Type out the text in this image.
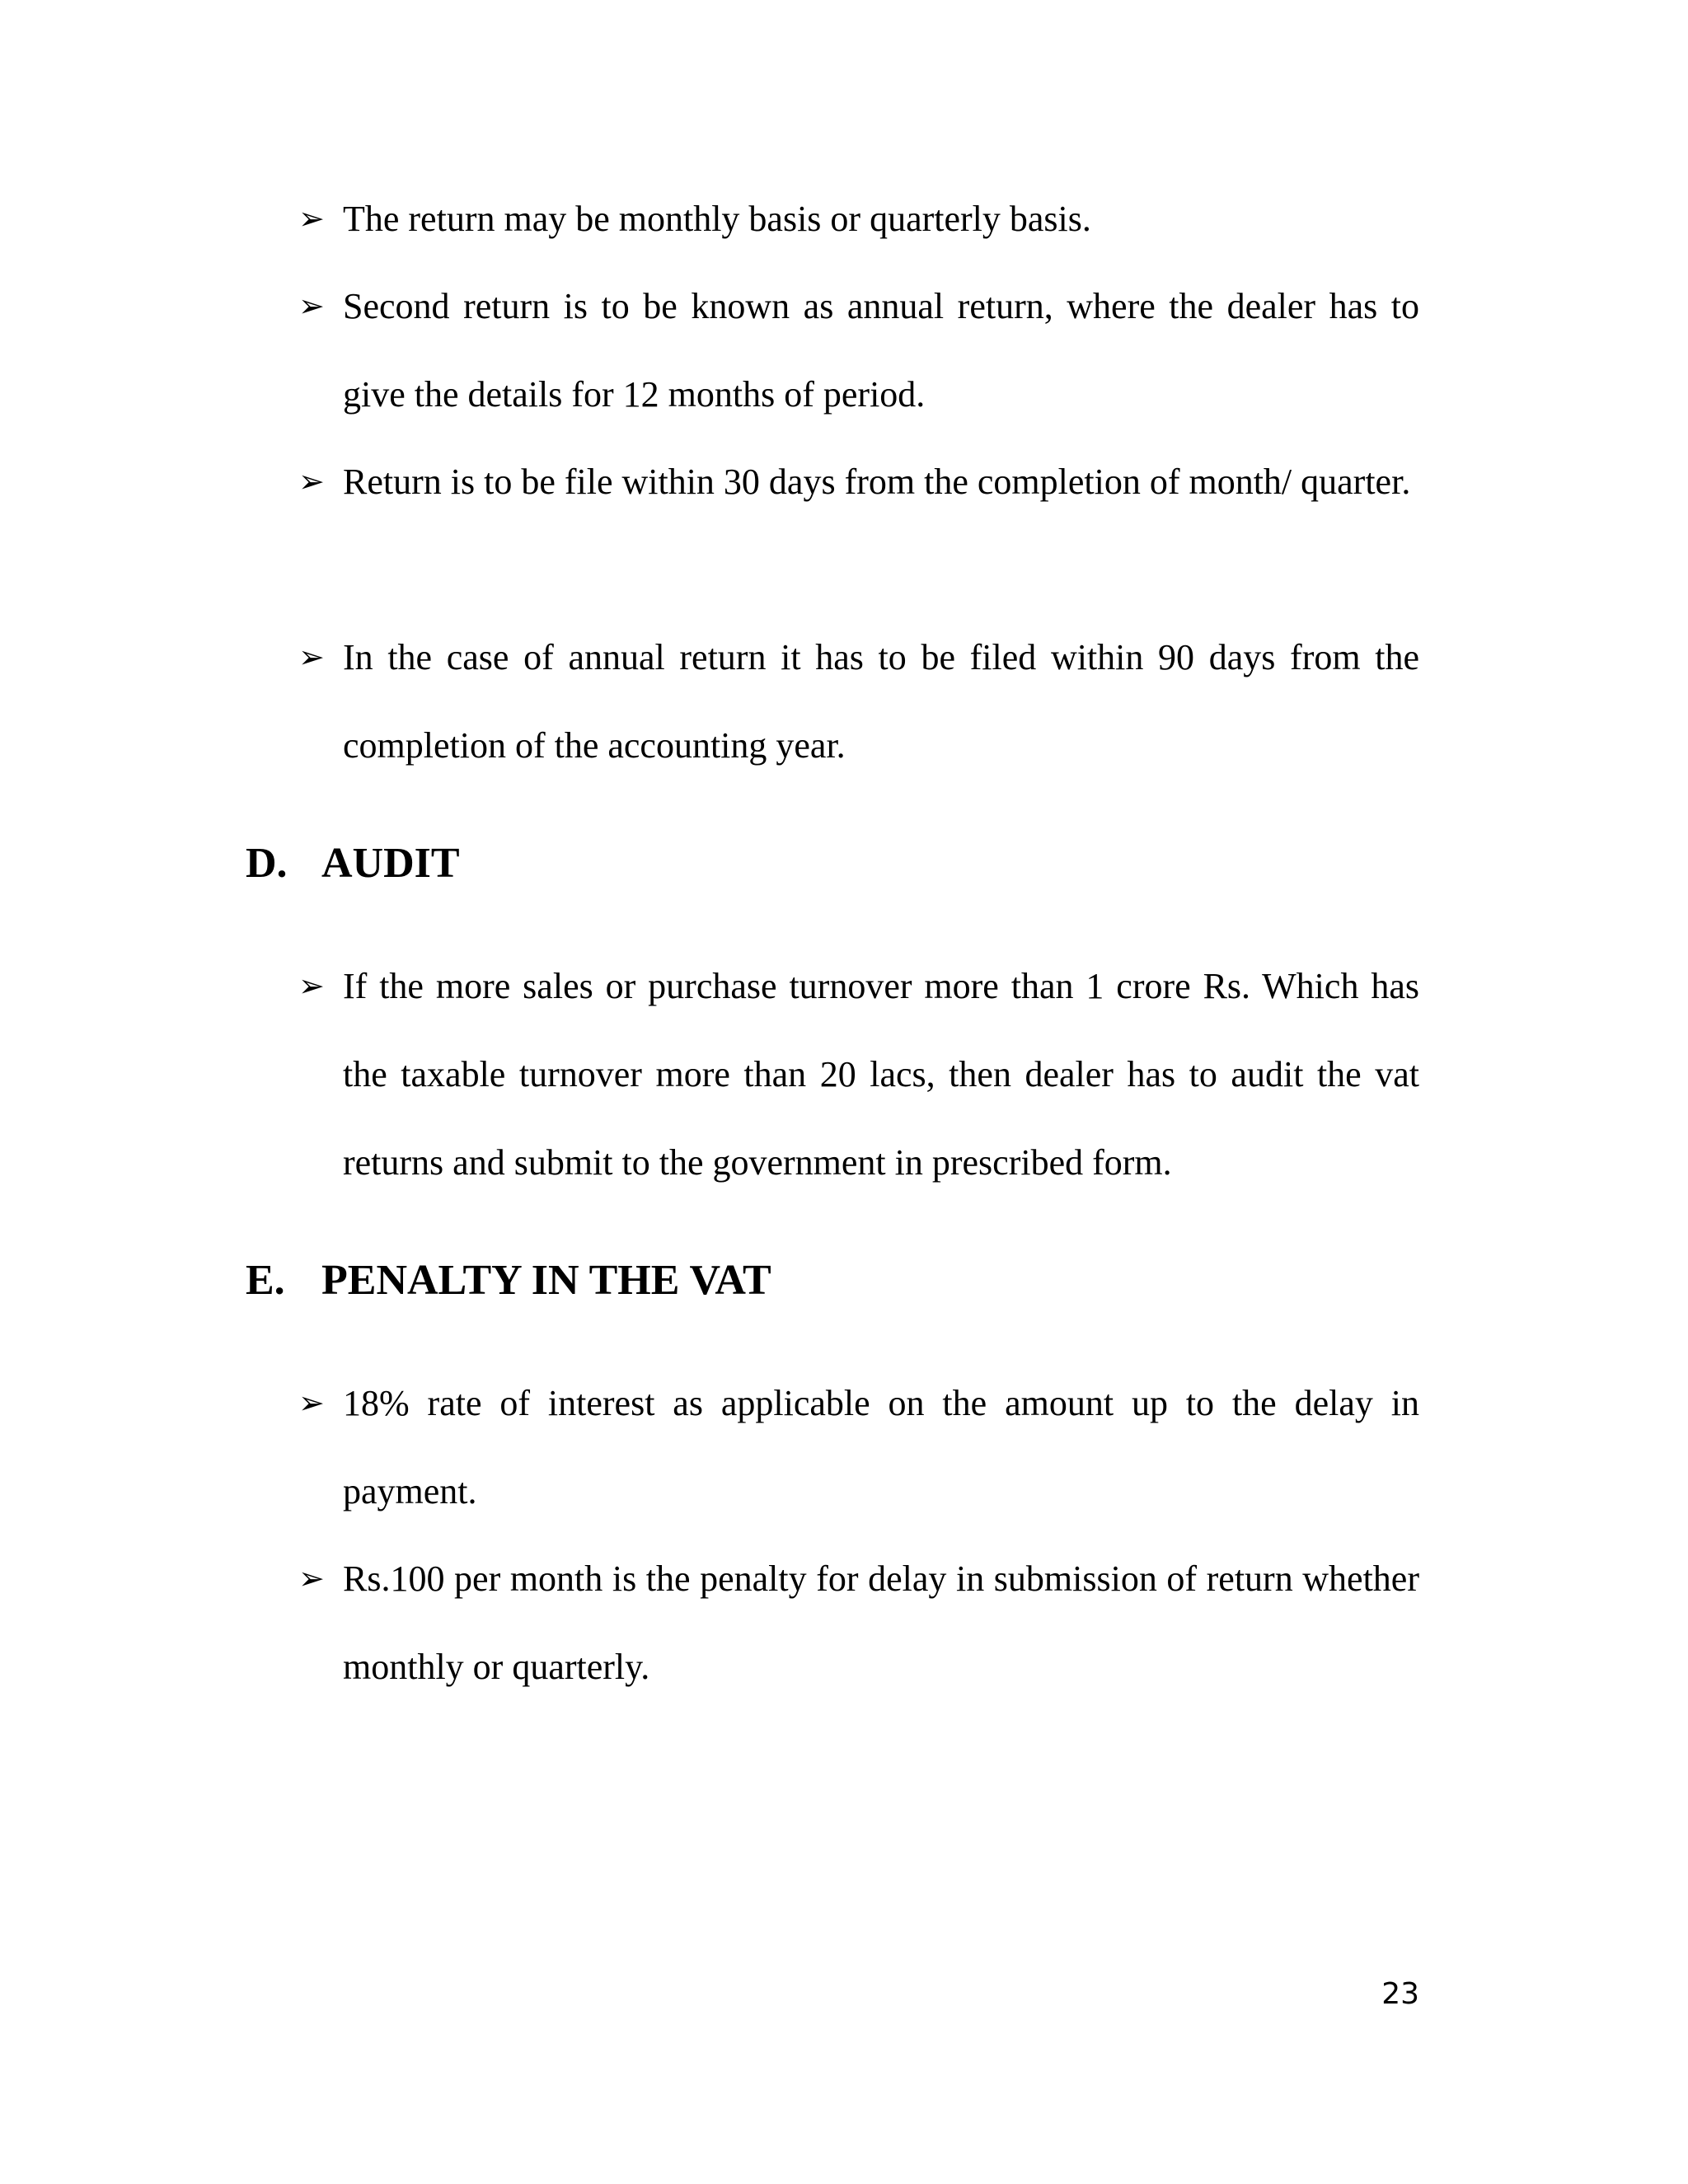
➢ The return may be monthly basis or quarterly basis.
➢ Second return is to be known as annual return, where the dealer has to give the details for 12 months of period.
➢ Return is to be file within 30 days from the completion of month/ quarter.
➢ In the case of annual return it has to be filed within 90 days from the completion of the accounting year.
D. AUDIT
➢ If the more sales or purchase turnover more than 1 crore Rs. Which has the taxable turnover more than 20 lacs, then dealer has to audit the vat returns and submit to the government in prescribed form.
E. PENALTY IN THE VAT
➢ 18% rate of interest as applicable on the amount up to the delay in payment.
➢ Rs.100 per month is the penalty for delay in submission of return whether monthly or quarterly.
23
